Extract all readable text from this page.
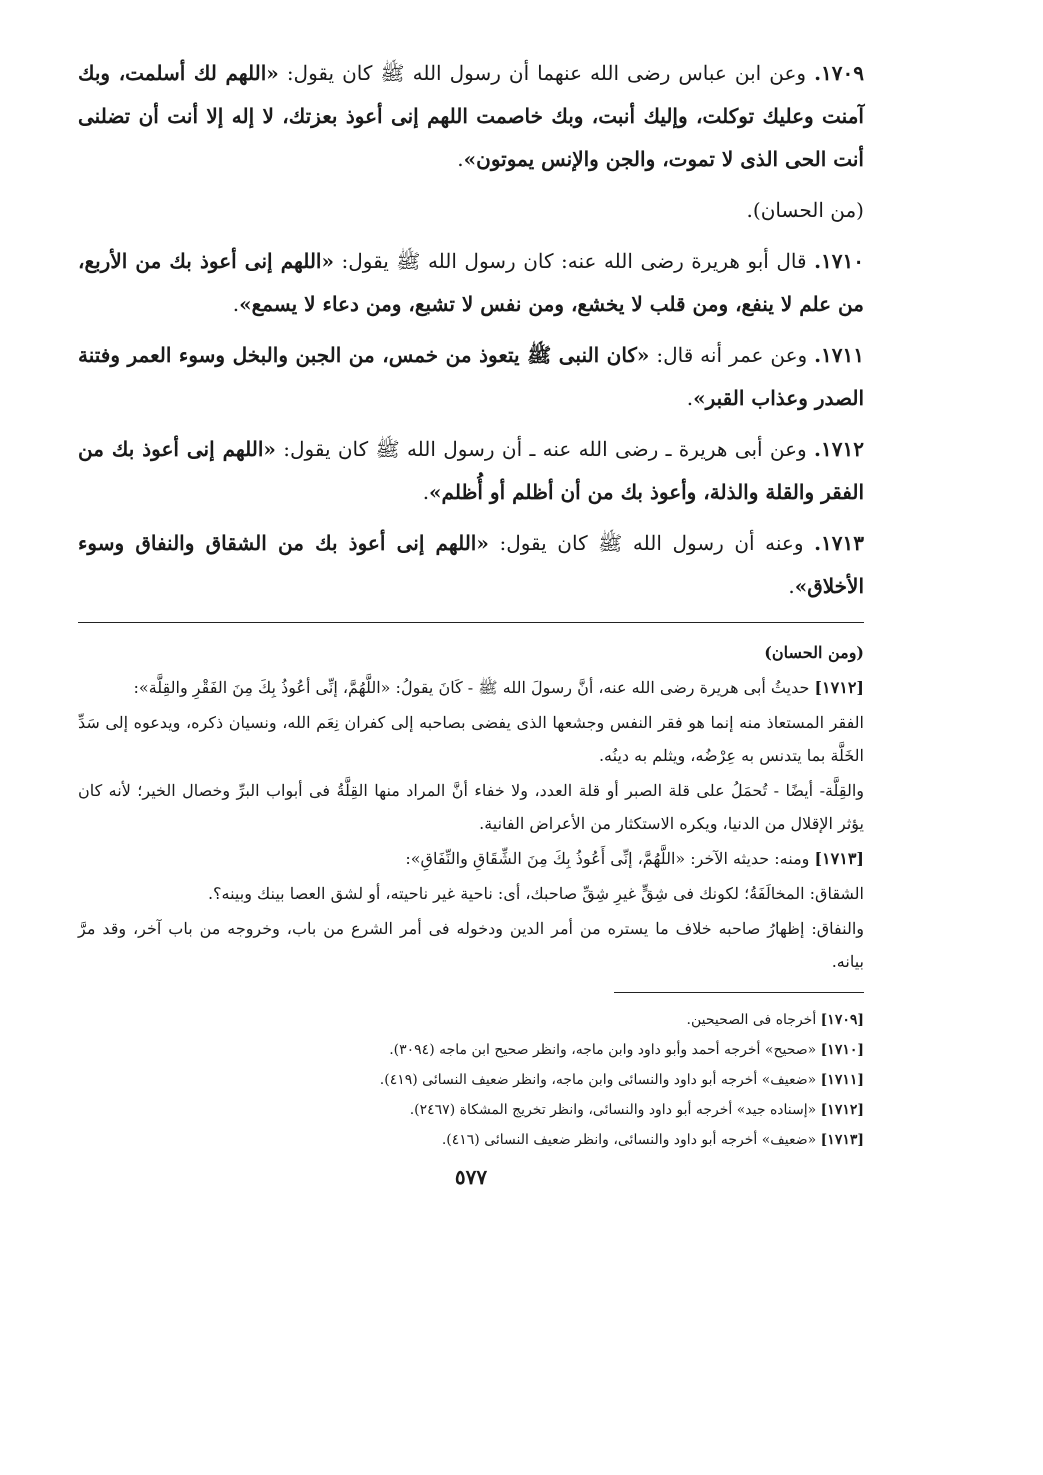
١٧٠٩. وعن ابن عباس رضى الله عنهما أن رسول الله ﷺ كان يقول: «اللهم لك أسلمت، وبك آمنت وعليك توكلت، وإليك أنبت، وبك خاصمت اللهم إنى أعوذ بعزتك، لا إله إلا أنت أن تضلنى أنت الحى الذى لا تموت، والجن والإنس يموتون».

(من الحسان).

١٧١٠. قال أبو هريرة رضى الله عنه: كان رسول الله ﷺ يقول: «اللهم إنى أعوذ بك من الأربع، من علم لا ينفع، ومن قلب لا يخشع، ومن نفس لا تشبع، ومن دعاء لا يسمع».

١٧١١. وعن عمر أنه قال: «كان النبى ﷺ يتعوذ من خمس، من الجبن والبخل وسوء العمر وفتنة الصدر وعذاب القبر».

١٧١٢. وعن أبى هريرة ـ رضى الله عنه ـ أن رسول الله ﷺ كان يقول: «اللهم إنى أعوذ بك من الفقر والقلة والذلة، وأعوذ بك من أن أظلم أو أُظلم».

١٧١٣. وعنه أن رسول الله ﷺ كان يقول: «اللهم إنى أعوذ بك من الشقاق والنفاق وسوء الأخلاق».

(ومن الحسان)

[١٧١٢] حديثُ أبى هريرة رضى الله عنه، أنَّ رسولَ الله ﷺ - كَانَ يقولُ: «اللَّهُمَّ، إنِّى أعُوذُ بِكَ مِنَ الفَقْرِ والقِلَّة»:

الفقر المستعاذ منه إنما هو فقر النفس وجشعها الذى يفضى بصاحبه إلى كفران نِعَم الله، ونسيان ذكره، ويدعوه إلى سَدِّ الخَلَّة بما يتدنس به عِرْضُه، ويثلم به دينُه.

والقِلَّة- أيضًا - تُحمَلُ على قلة الصبر أو قلة العدد، ولا خفاء أنَّ المراد منها القِلَّةُ فى أبواب البرِّ وخصال الخير؛ لأنه كان يؤثر الإقلال من الدنيا، ويكره الاستكثار من الأعراض الفانية.

[١٧١٣] ومنه: حديثه الآخر: «اللَّهُمَّ، إنِّى أَعُوذُ بِكَ مِنَ الشِّقَاقِ والنِّفَاقِ»:

الشقاق: المخالَفَةُ؛ لكونك فى شِقٍّ غيرِ شِقِّ صاحبك، أى: ناحية غير ناحيته، أو لشق العصا بينك وبينه؟.

والنفاق: إظهارُ صاحبه خلاف ما يستره من أمر الدين ودخوله فى أمر الشرع من باب، وخروجه من باب آخر، وقد مرَّ بيانه.

[١٧٠٩] أخرجاه فى الصحيحين.

[١٧١٠] «صحيح» أخرجه أحمد وأبو داود وابن ماجه، وانظر صحيح ابن ماجه (٣٠٩٤).

[١٧١١] «ضعيف» أخرجه أبو داود والنسائى وابن ماجه، وانظر ضعيف النسائى (٤١٩).

[١٧١٢] «إسناده جيد» أخرجه أبو داود والنسائى، وانظر تخريج المشكاة (٢٤٦٧).

[١٧١٣] «ضعيف» أخرجه أبو داود والنسائى، وانظر ضعيف النسائى (٤١٦).

٥٧٧
